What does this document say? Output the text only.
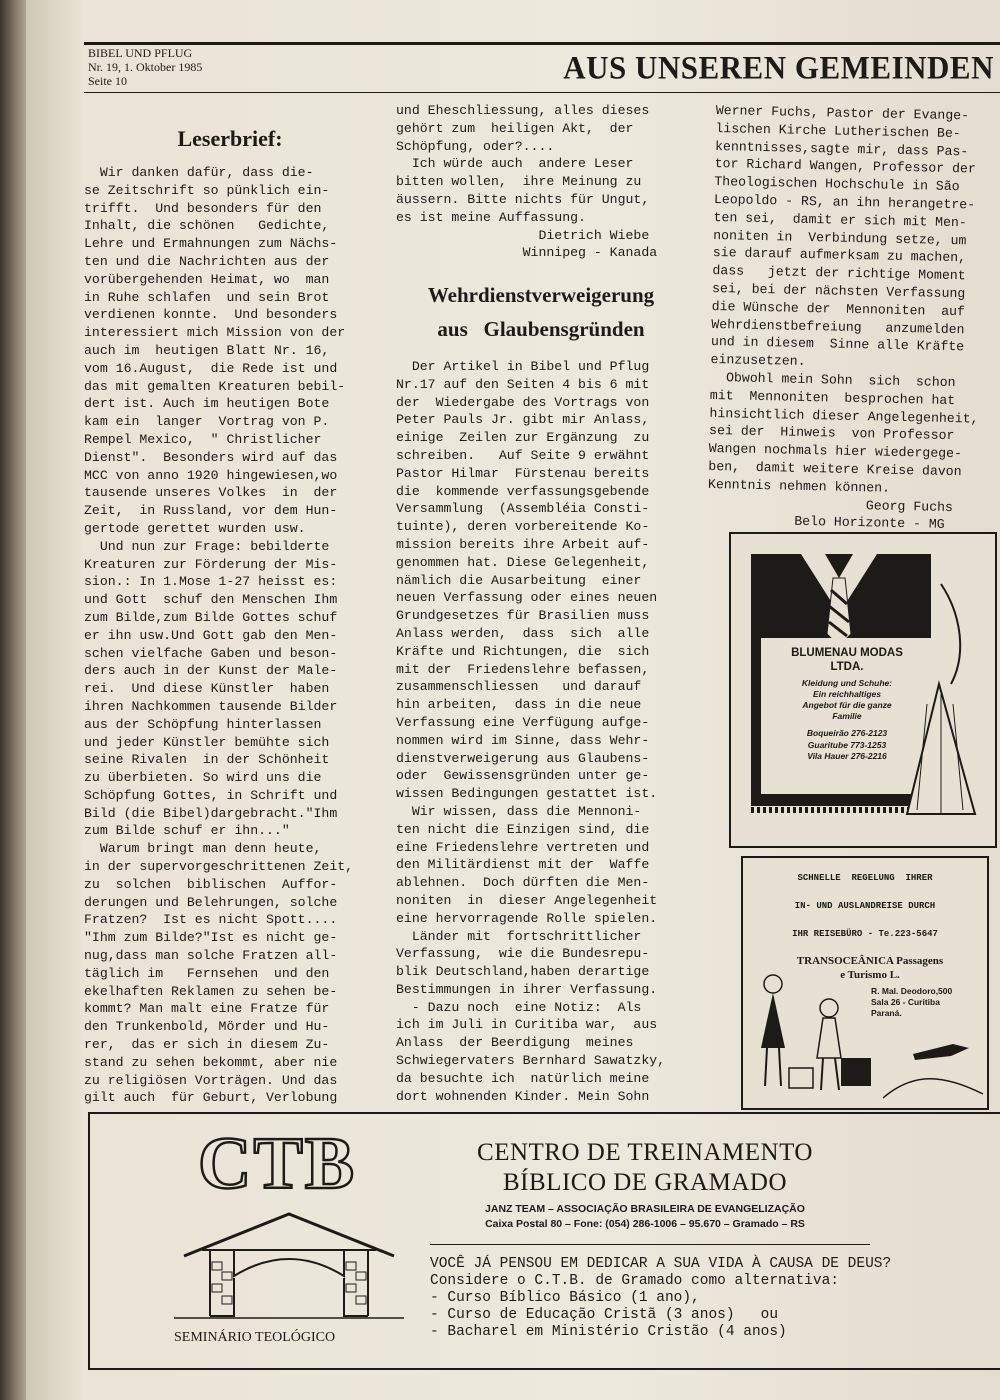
BIBEL UND PFLUG
Nr. 19, 1. Oktober 1985
Seite 10	AUS UNSEREN GEMEINDEN
Leserbrief:
Wir danken dafür, dass die-
se Zeitschrift so pünklich ein-
trifft.  Und besonders für den
Inhalt, die schönen   Gedichte,
Lehre und Ermahnungen zum Nächs-
ten und die Nachrichten aus der
vorübergehenden Heimat, wo  man
in Ruhe schlafen  und sein Brot
verdienen konnte.  Und besonders
interessiert mich Mission von der
auch im  heutigen Blatt Nr. 16,
vom 16.August,  die Rede ist und
das mit gemalten Kreaturen bebil-
dert ist. Auch im heutigen Bote
kam ein  langer  Vortrag von P.
Rempel Mexico,  " Christlicher
Dienst".  Besonders wird auf das
MCC von anno 1920 hingewiesen,wo
tausende unseres Volkes  in  der
Zeit,  in Russland, vor dem Hun-
gertode gerettet wurden usw.
Und nun zur Frage: bebilderte
Kreaturen zur Förderung der Mis-
sion.: In 1.Mose 1-27 heisst es:
und Gott  schuf den Menschen Ihm
zum Bilde,zum Bilde Gottes schuf
er ihn usw.Und Gott gab den Men-
schen vielfache Gaben und beson-
ders auch in der Kunst der Male-
rei.  Und diese Künstler  haben
ihren Nachkommen tausende Bilder
aus der Schöpfung hinterlassen
und jeder Künstler bemühte sich
seine Rivalen  in der Schönheit
zu überbieten. So wird uns die
Schöpfung Gottes, in Schrift und
Bild (die Bibel)dargebracht."Ihm
zum Bilde schuf er ihn..."
Warum bringt man denn heute,
in der supervorgeschrittenen Zeit,
zu  solchen  biblischen  Auffor-
derungen und Belehrungen, solche
Fratzen?  Ist es nicht Spott....
"Ihm zum Bilde?"Ist es nicht ge-
nug,dass man solche Fratzen all-
täglich im   Fernsehen  und den
ekelhaften Reklamen zu sehen be-
kommt? Man malt eine Fratze für
den Trunkenbold, Mörder und Hu-
rer,  das er sich in diesem Zu-
stand zu sehen bekommt, aber nie
zu religiösen Vorträgen. Und das
gilt auch  für Geburt, Verlobung
und Eheschliessung, alles dieses
gehört zum  heiligen Akt,  der
Schöpfung, oder?....
Ich würde auch  andere Leser
bitten wollen,  ihre Meinung zu
äussern. Bitte nichts für Ungut,
es ist meine Auffassung.
Dietrich Wiebe
Winnipeg - Kanada
Wehrdienstverweigerung
aus   Glaubensgründen
Der Artikel in Bibel und Pflug
Nr.17 auf den Seiten 4 bis 6 mit
der  Wiedergabe des Vortrags von
Peter Pauls Jr. gibt mir Anlass,
einige  Zeilen zur Ergänzung  zu
schreiben.   Auf Seite 9 erwähnt
Pastor Hilmar  Fürstenau bereits
die  kommende verfassungsgebende
Versammlung  (Assembléia Consti-
tuinte), deren vorbereitende Ko-
mission bereits ihre Arbeit auf-
genommen hat. Diese Gelegenheit,
nämlich die Ausarbeitung  einer
neuen Verfassung oder eines neuen
Grundgesetzes für Brasilien muss
Anlass werden,  dass  sich  alle
Kräfte und Richtungen, die  sich
mit der  Friedenslehre befassen,
zusammenschliessen   und darauf
hin arbeiten,  dass in die neue
Verfassung eine Verfügung aufge-
nommen wird im Sinne, dass Wehr-
dienstverweigerung aus Glaubens-
oder  Gewissensgründen unter ge-
wissen Bedingungen gestattet ist.
Wir wissen, dass die Mennoni-
ten nicht die Einzigen sind, die
eine Friedenslehre vertreten und
den Militärdienst mit der  Waffe
ablehnen.  Doch dürften die Men-
noniten  in  dieser Angelegenheit
eine hervorragende Rolle spielen.
Länder mit  fortschrittlicher
Verfassung,  wie die Bundesrepu-
blik Deutschland,haben derartige
Bestimmungen in ihrer Verfassung.
- Dazu noch  eine Notiz:  Als
ich im Juli in Curitiba war,  aus
Anlass  der Beerdigung  meines
Schwiegervaters Bernhard Sawatzky,
da besuchte ich  natürlich meine
dort wohnenden Kinder. Mein Sohn
Werner Fuchs, Pastor der Evange-
lischen Kirche Lutherischen Be-
kenntnisses,sagte mir, dass Pas-
tor Richard Wangen, Professor der
Theologischen Hochschule in São
Leopoldo - RS, an ihn herangetre-
ten sei,  damit er sich mit Men-
noniten in  Verbindung setze, um
sie darauf aufmerksam zu machen,
dass   jetzt der richtige Moment
sei, bei der nächsten Verfassung
die Wünsche der  Mennoniten  auf
Wehrdienstbefreiung   anzumelden
und in diesem  Sinne alle Kräfte
einzusetzen.
Obwohl mein Sohn  sich  schon
mit  Mennoniten  besprochen hat
hinsichtlich dieser Angelegenheit,
sei der  Hinweis  von Professor
Wangen nochmals hier wiedergege-
ben,  damit weitere Kreise davon
Kenntnis nehmen können.
Georg Fuchs
Belo Horizonte - MG
BLUMENAU MODAS
LTDA.
Kleidung und Schuhe:
Ein reichhaltiges
Angebot für die ganze
Familie
Boqueirão 276-2123
Guaritube 773-1253
Vila Hauer 276-2216
SCHNELLE  REGELUNG  IHRER
IN- UND AUSLANDREISE DURCH
IHR REISEBÜRO - Te.223-5647
TRANSOCEÂNICA Passagens
e Turismo L.
R. Mal. Deodoro,500
Sala 26 - Curitiba
Paraná.
CTB
SEMINÁRIO TEOLÓGICO
CENTRO DE TREINAMENTO
BÍBLICO DE GRAMADO
JANZ TEAM – ASSOCIAÇÃO BRASILEIRA DE EVANGELIZAÇÃO
Caixa Postal 80 – Fone: (054) 286-1006 – 95.670 – Gramado – RS
VOCÊ JÁ PENSOU EM DEDICAR A SUA VIDA À CAUSA DE DEUS?
Considere o C.T.B. de Gramado como alternativa:
- Curso Bíblico Básico (1 ano),
- Curso de Educação Cristã (3 anos)   ou
- Bacharel em Ministério Cristão (4 anos)
